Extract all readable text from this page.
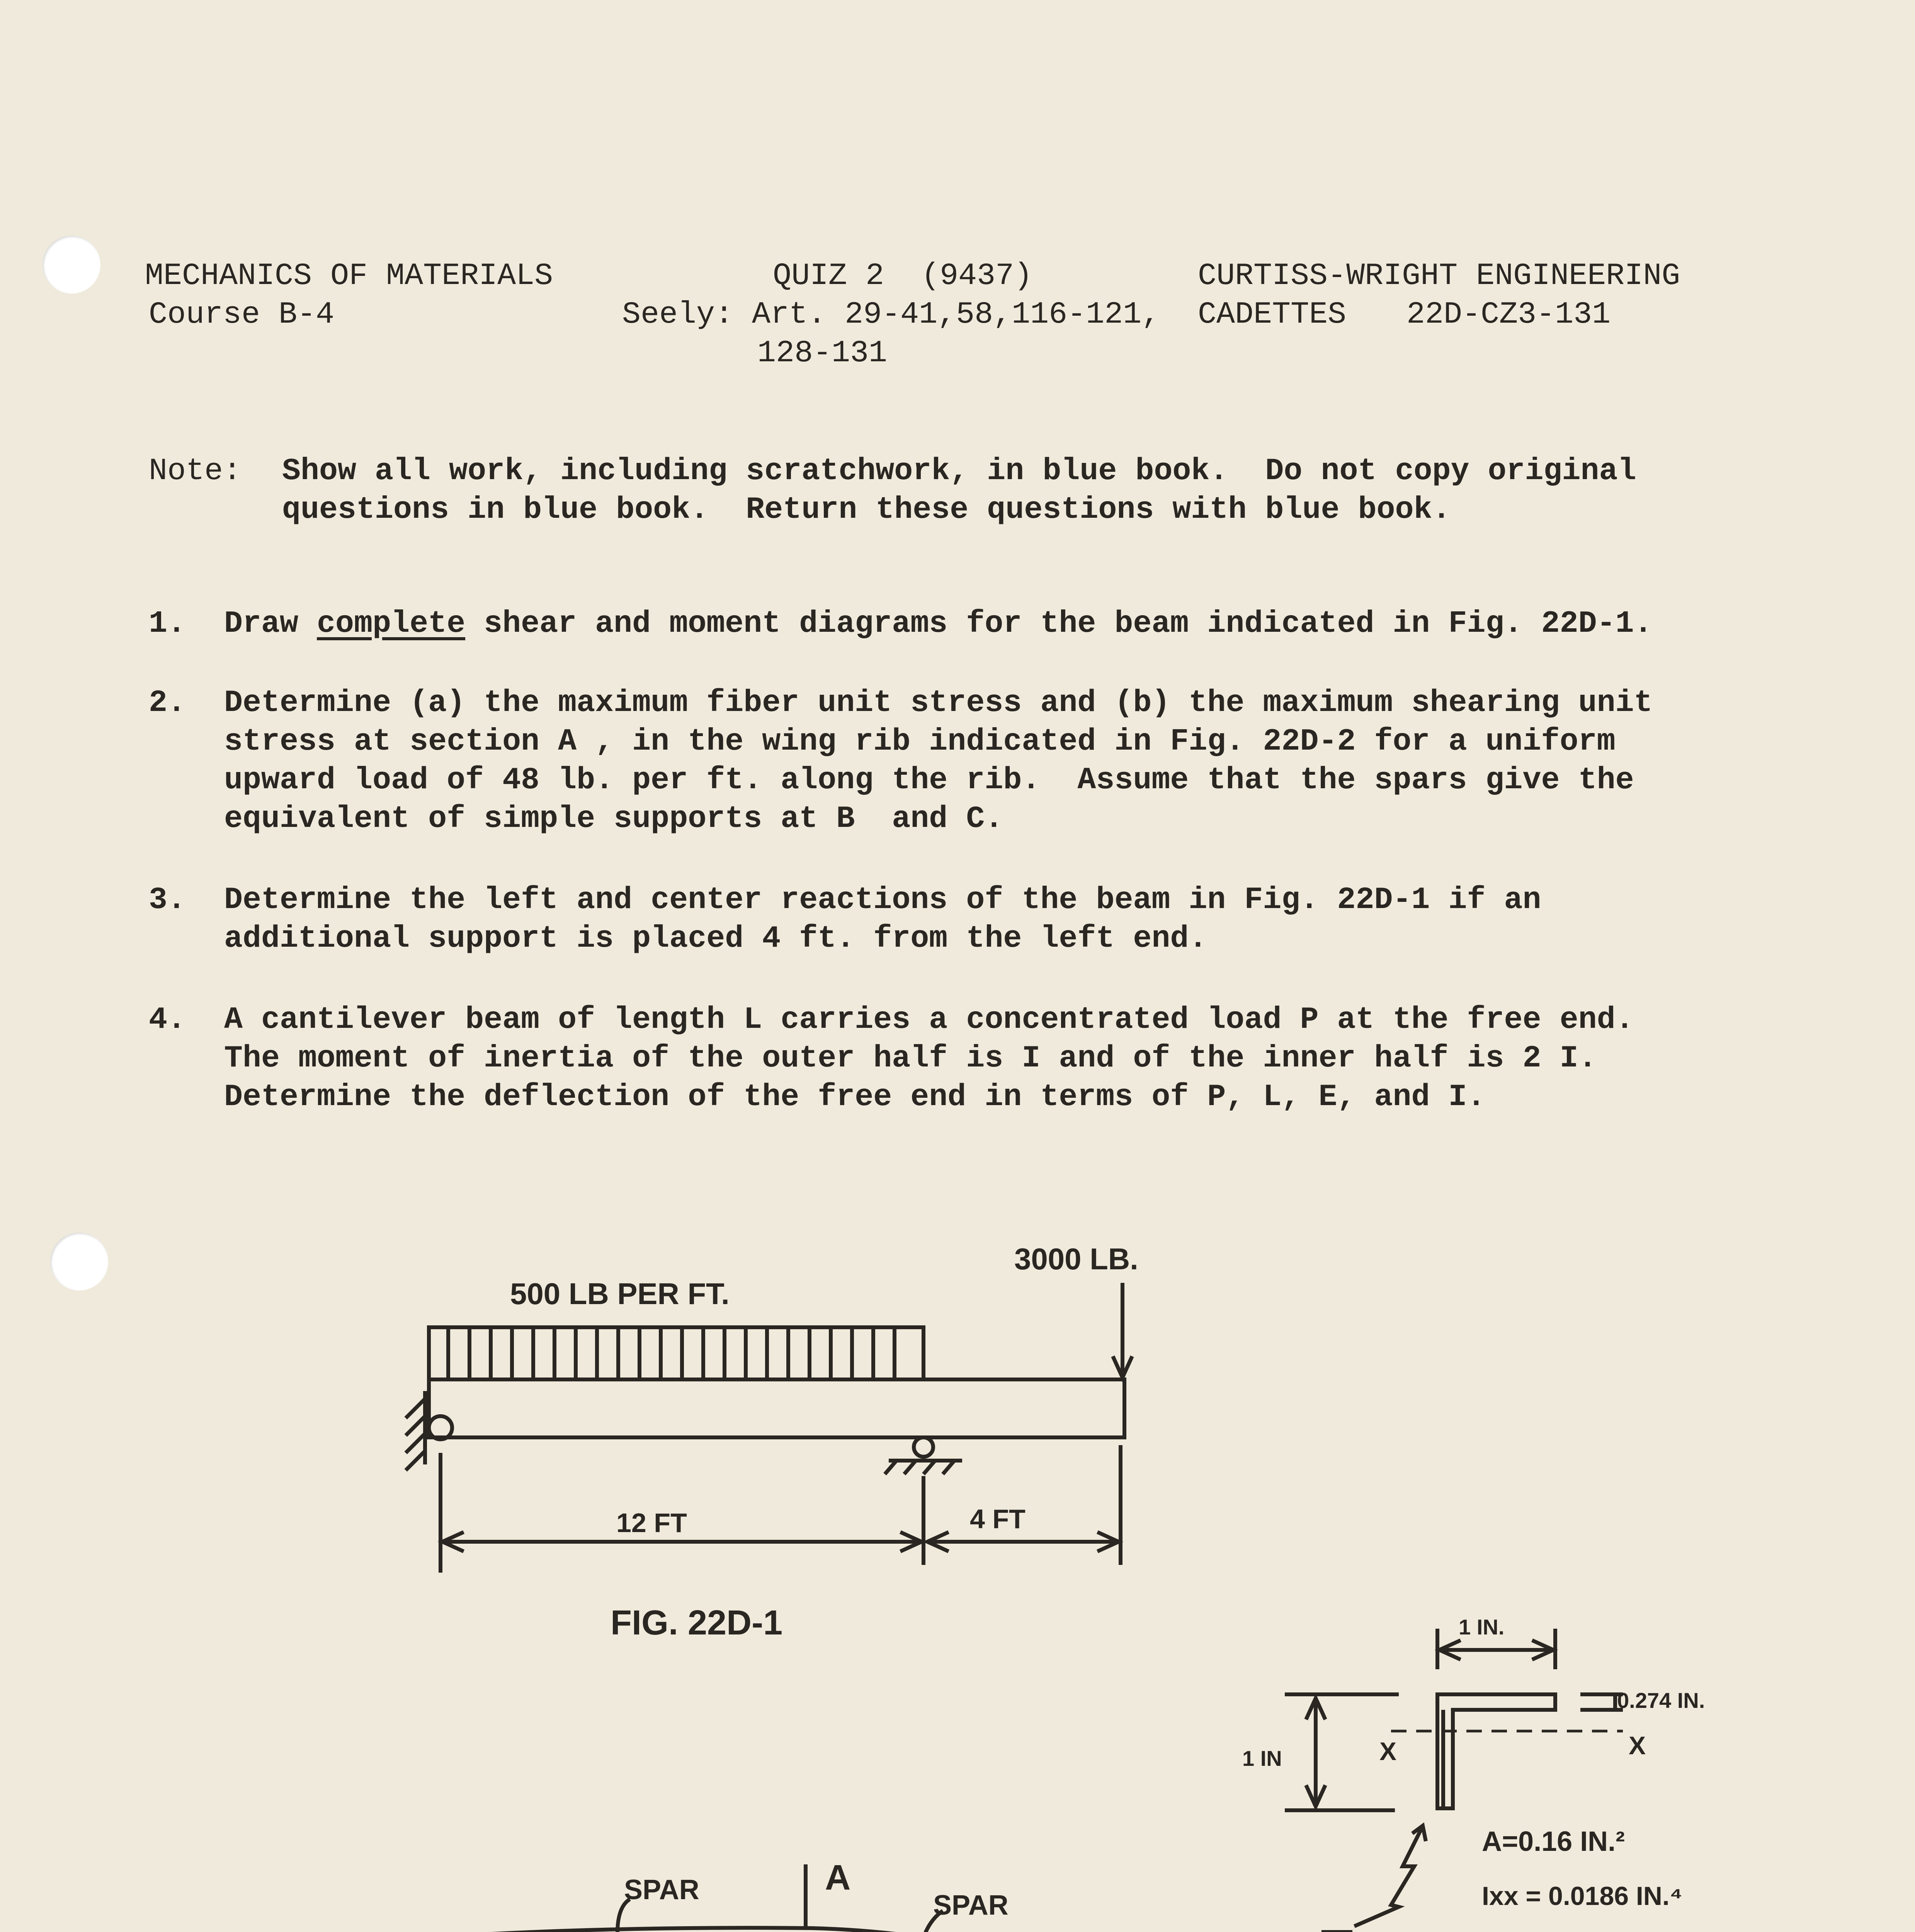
MECHANICS OF MATERIALS
Course B-4
QUIZ 2  (9437)
Seely: Art. 29-41,58,116-121,
128-131
CURTISS-WRIGHT ENGINEERING
CADETTES 22D-CZ3-131
Note: Show all work, including scratchwork, in blue book.  Do not copy original
questions in blue book.  Return these questions with blue book.
1. Draw complete shear and moment diagrams for the beam indicated in Fig. 22D-1.
2. Determine (a) the maximum fiber unit stress and (b) the maximum shearing unit
stress at section A , in the wing rib indicated in Fig. 22D-2 for a uniform
upward load of 48 lb. per ft. along the rib.  Assume that the spars give the
equivalent of simple supports at B  and C.
3. Determine the left and center reactions of the beam in Fig. 22D-1 if an
additional support is placed 4 ft. from the left end.
4. A cantilever beam of length L carries a concentrated load P at the free end.
The moment of inertia of the outer half is I and of the inner half is 2 I.
Determine the deflection of the free end in terms of P, L, E, and I.
500 LB PER FT.
3000 LB.
12 FT	4 FT
FIG. 22D-1
SPAR	SPAR
A
1 IN.
1 IN
0.274 IN.
X	X
A=0.16 IN.²
Ixx = 0.0186 IN.⁴
